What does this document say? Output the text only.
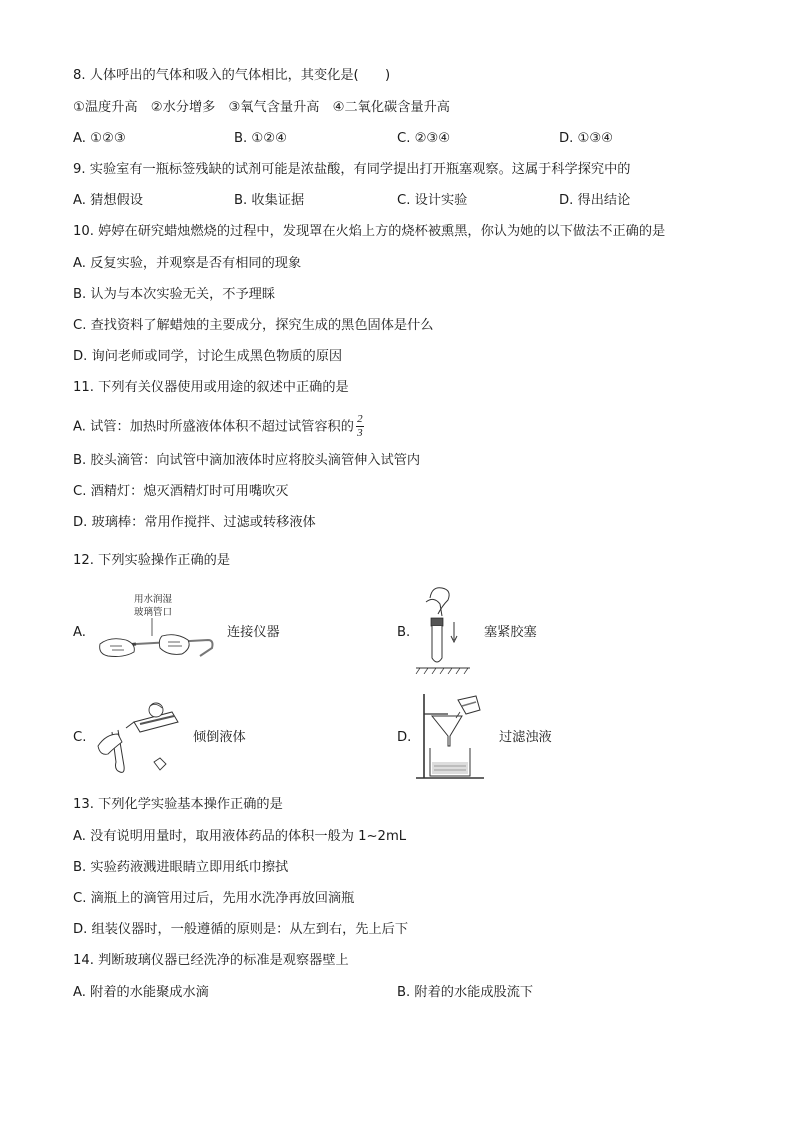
8. 人体呼出的气体和吸入的气体相比，其变化是(　　)
①温度升高　②水分增多　③氧气含量升高　④二氧化碳含量升高
A. ①②③	B. ①②④	C. ②③④	D. ①③④
9. 实验室有一瓶标签残缺的试剂可能是浓盐酸，有同学提出打开瓶塞观察。这属于科学探究中的
A. 猜想假设	B. 收集证据	C. 设计实验	D. 得出结论
10. 婷婷在研究蜡烛燃烧的过程中，发现罩在火焰上方的烧杯被熏黑，你认为她的以下做法不正确的是
A. 反复实验，并观察是否有相同的现象
B. 认为与本次实验无关，不予理睬
C. 查找资料了解蜡烛的主要成分，探究生成的黑色固体是什么
D. 询问老师或同学，讨论生成黑色物质的原因
11. 下列有关仪器使用或用途的叙述中正确的是
A. 试管：加热时所盛液体体积不超过试管容积的 $\frac{2}{3}$
B. 胶头滴管：向试管中滴加液体时应将胶头滴管伸入试管内
C. 酒精灯：熄灭酒精灯时可用嘴吹灭
D. 玻璃棒：常用作搅拌、过滤或转移液体
12. 下列实验操作正确的是
A.
用水润湿
玻璃管口
连接仪器	B.	塞紧胶塞
C.	倾倒液体	D.	过滤浊液
13. 下列化学实验基本操作正确的是
A. 没有说明用量时，取用液体药品的体积一般为 1~2mL
B. 实验药液溅进眼睛立即用纸巾擦拭
C. 滴瓶上的滴管用过后，先用水洗净再放回滴瓶
D. 组装仪器时，一般遵循的原则是：从左到右，先上后下
14. 判断玻璃仪器已经洗净的标准是观察器壁上
A. 附着的水能聚成水滴	B. 附着的水能成股流下
